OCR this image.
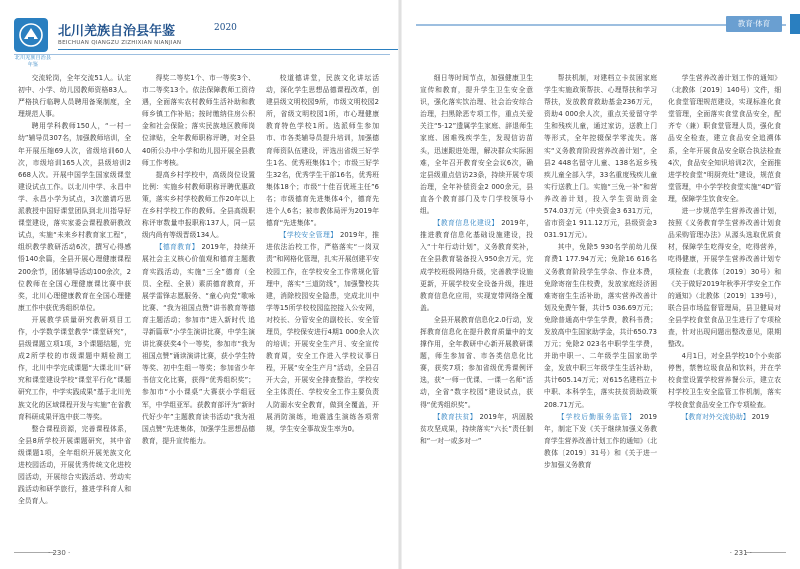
北川羌族自治县年鉴
北川羌族自治县年鉴	2020
BEICHUAN QIANGZU ZIZHIXIAN NIANJIAN

交流轮岗，全年交流51人。认定初中、小学、幼儿园教师资格83人。严格执行临聘人员聘用备案制度，全理规范人事。

聘用学科教师150人，“一村一幼”辅导员307名，加强教师培训，全年开展压缩69人次，省级培训60人次，市级培训165人次，县级培训2 668人次。开展中国学生国家级课堂建设试点工作。以北川中学、永昌中学、永昌小学为试点，3次邀请巧思派教授中国好课堂团队到北川指导好课堂建设，落实家委会课程教研教改试点，实施“未来乡村教育家工程”，组织教学教研活动6次，撰写心得感悟140余篇，全县开展心理健康课程200余节，团体辅导活动100余次，2位教师在全国心理健康课比赛中获奖，北川心理健康教育在全国心理健康工作中获优秀组织单位。

开展教学质量研究教研项目工作，小学数学课堂教学“课堂研究”，县级课题立项1项，3个课题结题，完成2所学校的市级课题中期检测工作，北川中学完成课题“大课北川”研究和课堂建设学校“课堂平行化”课题研究工作，中学实践成果“基于北川羌族文化的区域课程开发与实施”在省教育科研成果评选中获二等奖。

整合课程资源，完善课程体系，全县8所学校开展课题研究，其中省级课题1项，全年组织开展羌族文化进校园活动，开展优秀传统文化进校园活动，开展综合实践活动、劳动实践活动和研学旅行，推进学科育人和全员育人。

得奖二等奖1个、市一等奖3个、市二等奖13个。依法保障教师工资待遇，全面落实农村教师生活补助和教师乡镇工作补贴；按时缴纳住房公积金和社会保险；落实民族地区教师岗位津贴，全年教师职称评聘，对全县40所公办中小学和幼儿园开展全县教师工作考核。

提高乡村学校中，高级岗位设置比例：实施乡村教师职称评聘优惠政策，落实乡村学校教师工作20年以上在乡村学校工作的教师。全县高级职称评审数量申报职称137人，同一层级内尚有等级晋级134人。

【德育教育】 2019年，持续开展社会主义核心价值观和德育主题教育实践活动，实施“三全”德育（全员、全程、全景）素质德育教育，开展学雷锋志愿服务、“童心向党”歌咏比赛、“我为祖国点赞”讲书教育等德育主题活动；参加市“进入新时代 追寻新篇章”小学生演讲比赛，中学生演讲比赛获奖4个一等奖，参加市“我为祖国点赞”诵读演讲比赛，获小学生特等奖、初中生组一等奖；参加省少年书信文化比赛，获得“优秀组织奖”；参加市“小小课桌”大赛获小学组冠军，中学组亚军。获教育部评为“新时代好少年”主题教育读书活动“我为祖国点赞”先进集体，加强学生思想品德教育，提升宣传能力。

校道德讲堂，民族文化讲坛活动，深化学生思想品德课程改革，创建县级文明校园9所，市级文明校园2所，省级文明校园1所，市心理健康教育特色学校1所。选派师生参加市、市各类辅导员提升培训，加强德育师资队伍建设，评选出省级三好学生1名、优秀班集体1个；市级三好学生32名，优秀学生干部16名，优秀班集体18个；市级“十佳百优班主任”6名；市级德育先进集体4个，德育先进个人6名；被市教体局评为2019年德育“先进集体”。

【学校安全管理】 2019年，推进依法治校工作，严格落实“一岗双责”和网格化管理，扎实开展创建平安校园工作，在学校安全工作常规化管理中，落实“三道防线”，加强警校共建，消除校园安全隐患，完成北川中学等15所学校校园监控接入公安网，对校长、分管安全的副校长、安全管理员，学校保安进行4期1 000余人次的培训；开展安全生产月、安全宣传教育周，安全工作进入学校议事日程，开展“安全生产月”活动，全县召开大会，开展安全排查整治，学校安全主体责任、学校安全工作主要负责人防溺水安全教育，做到全覆盖，开展消防演练，地震逃生演练各项常规，学生安全事故发生率为0。

· 230 ·
教育·体育

细日等时间节点，加强健康卫生宣传和教育，提升学生卫生安全意识，强化落实饮治理、社会治安综合治理，扫黑除恶专项工作，重点关爱关注“5·12”遗属学生家庭、辞退师生家庭、困难残疾学生，发现信访苗头，迅速跟进处理，解决群众实际困难，全年召开教育安全会议6次，确定县级重点信访23条，持续开展专项治理，全年补偿资金2 000余元，县直各个教育部门及专门学校领导小组。

【教育信息化建设】 2019年，推进教育信息化基础设施建设，投入“十年行动计划”，义务教育奖补，在全县教育装备投入950余万元，完成学校班级网络升级，完善教学设施更新，开展学校安全设备升级，推进教育信息化应用，实现宽带网络全覆盖。

全县开展教育信息化2.0行动，发挥教育信息化在提升教育质量中的支撑作用，全年教研中心新开展教研课题，师生参加省、市各类信息化比赛，获奖7项；参加省级优秀课例评选，获“一师一优课、一课一名师”活动，全省“数字校园”建设试点，获得“优秀组织奖”。

【教育扶贫】 2019年，巩固脱贫攻坚成果，持续落实“六长”责任制和“一对一或多对一”

帮扶机制，对建档立卡贫困家庭学生实施政策帮扶、心理帮扶和学习帮扶，发放教育救助基金236万元，资助4 000余人次，重点关爱留守学生和残疾儿童，通过家访，送教上门等形式，全年控辍保学零流失。落实“义务教育阶段营养改善计划”，全县2 448名留守儿童、138名返乡残疾儿童全部入学，33名重度残疾儿童实行送教上门。实施“三免一补”和营养改善计划，投入学生资助资金574.03万元（中央资金3 631万元，省市资金1 911.12万元，县级资金3 031.91万元）。

其中，免除5 930名学前幼儿保育费1 177.94万元；免除16 616名义务教育阶段学生学杂、作业本费，免除寄宿生住校费，发放家庭经济困难寄宿生生活补助，落实营养改善计划及免费午餐，共计5 036.69万元；免除普通高中学生学费，教科书费；发放高中生国家助学金，共计650.73万元；免除2 023名中职学生学费，并助中职一、二年级学生国家助学金，发放中职三年级学生生活补助，共计605.14万元；对615名建档立卡中职、本科学生，落实扶贫资助政策208.71万元。

【学校后勤服务监管】 2019年，制定下发《关于继续加强义务教育学生营养改善计划工作的通知》（北教体〔2019〕31号）和《关于进一步加强义务教育

学生营养改善计划工作的通知》（北教体〔2019〕140号）文件，细化食堂管理规范建设，实现标准化食堂管理，全面落实食堂食品安全，配齐专（兼）职食堂管理人员，强化食品安全检查，建立食品安全追溯体系，全年开展食品安全联合执法检查4次，食品安全知识培训2次，全面推进学校食堂“明厨亮灶”建设，规范食堂管理，中小学学校食堂实施“4D”管理，保障学生饮食安全。

进一步规范学生营养改善计划，按照《义务教育学生营养改善计划食品采购管理办法》从源头选取优质食材，保障学生吃得安全，吃得营养，吃得健康，开展学生营养改善计划专项检查（北教体〔2019〕30号）和《关于做好2019年秋季开学安全工作的通知》（北教体〔2019〕139号），联合县市场监督管理局，县卫健局对全县学校食堂食品卫生进行了专项检查，针对出现问题出整改意见，限期整改。

4月1日，对全县学校10个小卖部停售，禁售垃圾食品和饮料，并在学校食堂设置学校营养餐公示，建立农村学校卫生安全监管工作机制，落实学校食堂食品安全工作专项检查。

【教育对外交流协助】 2019

· 231 ·
